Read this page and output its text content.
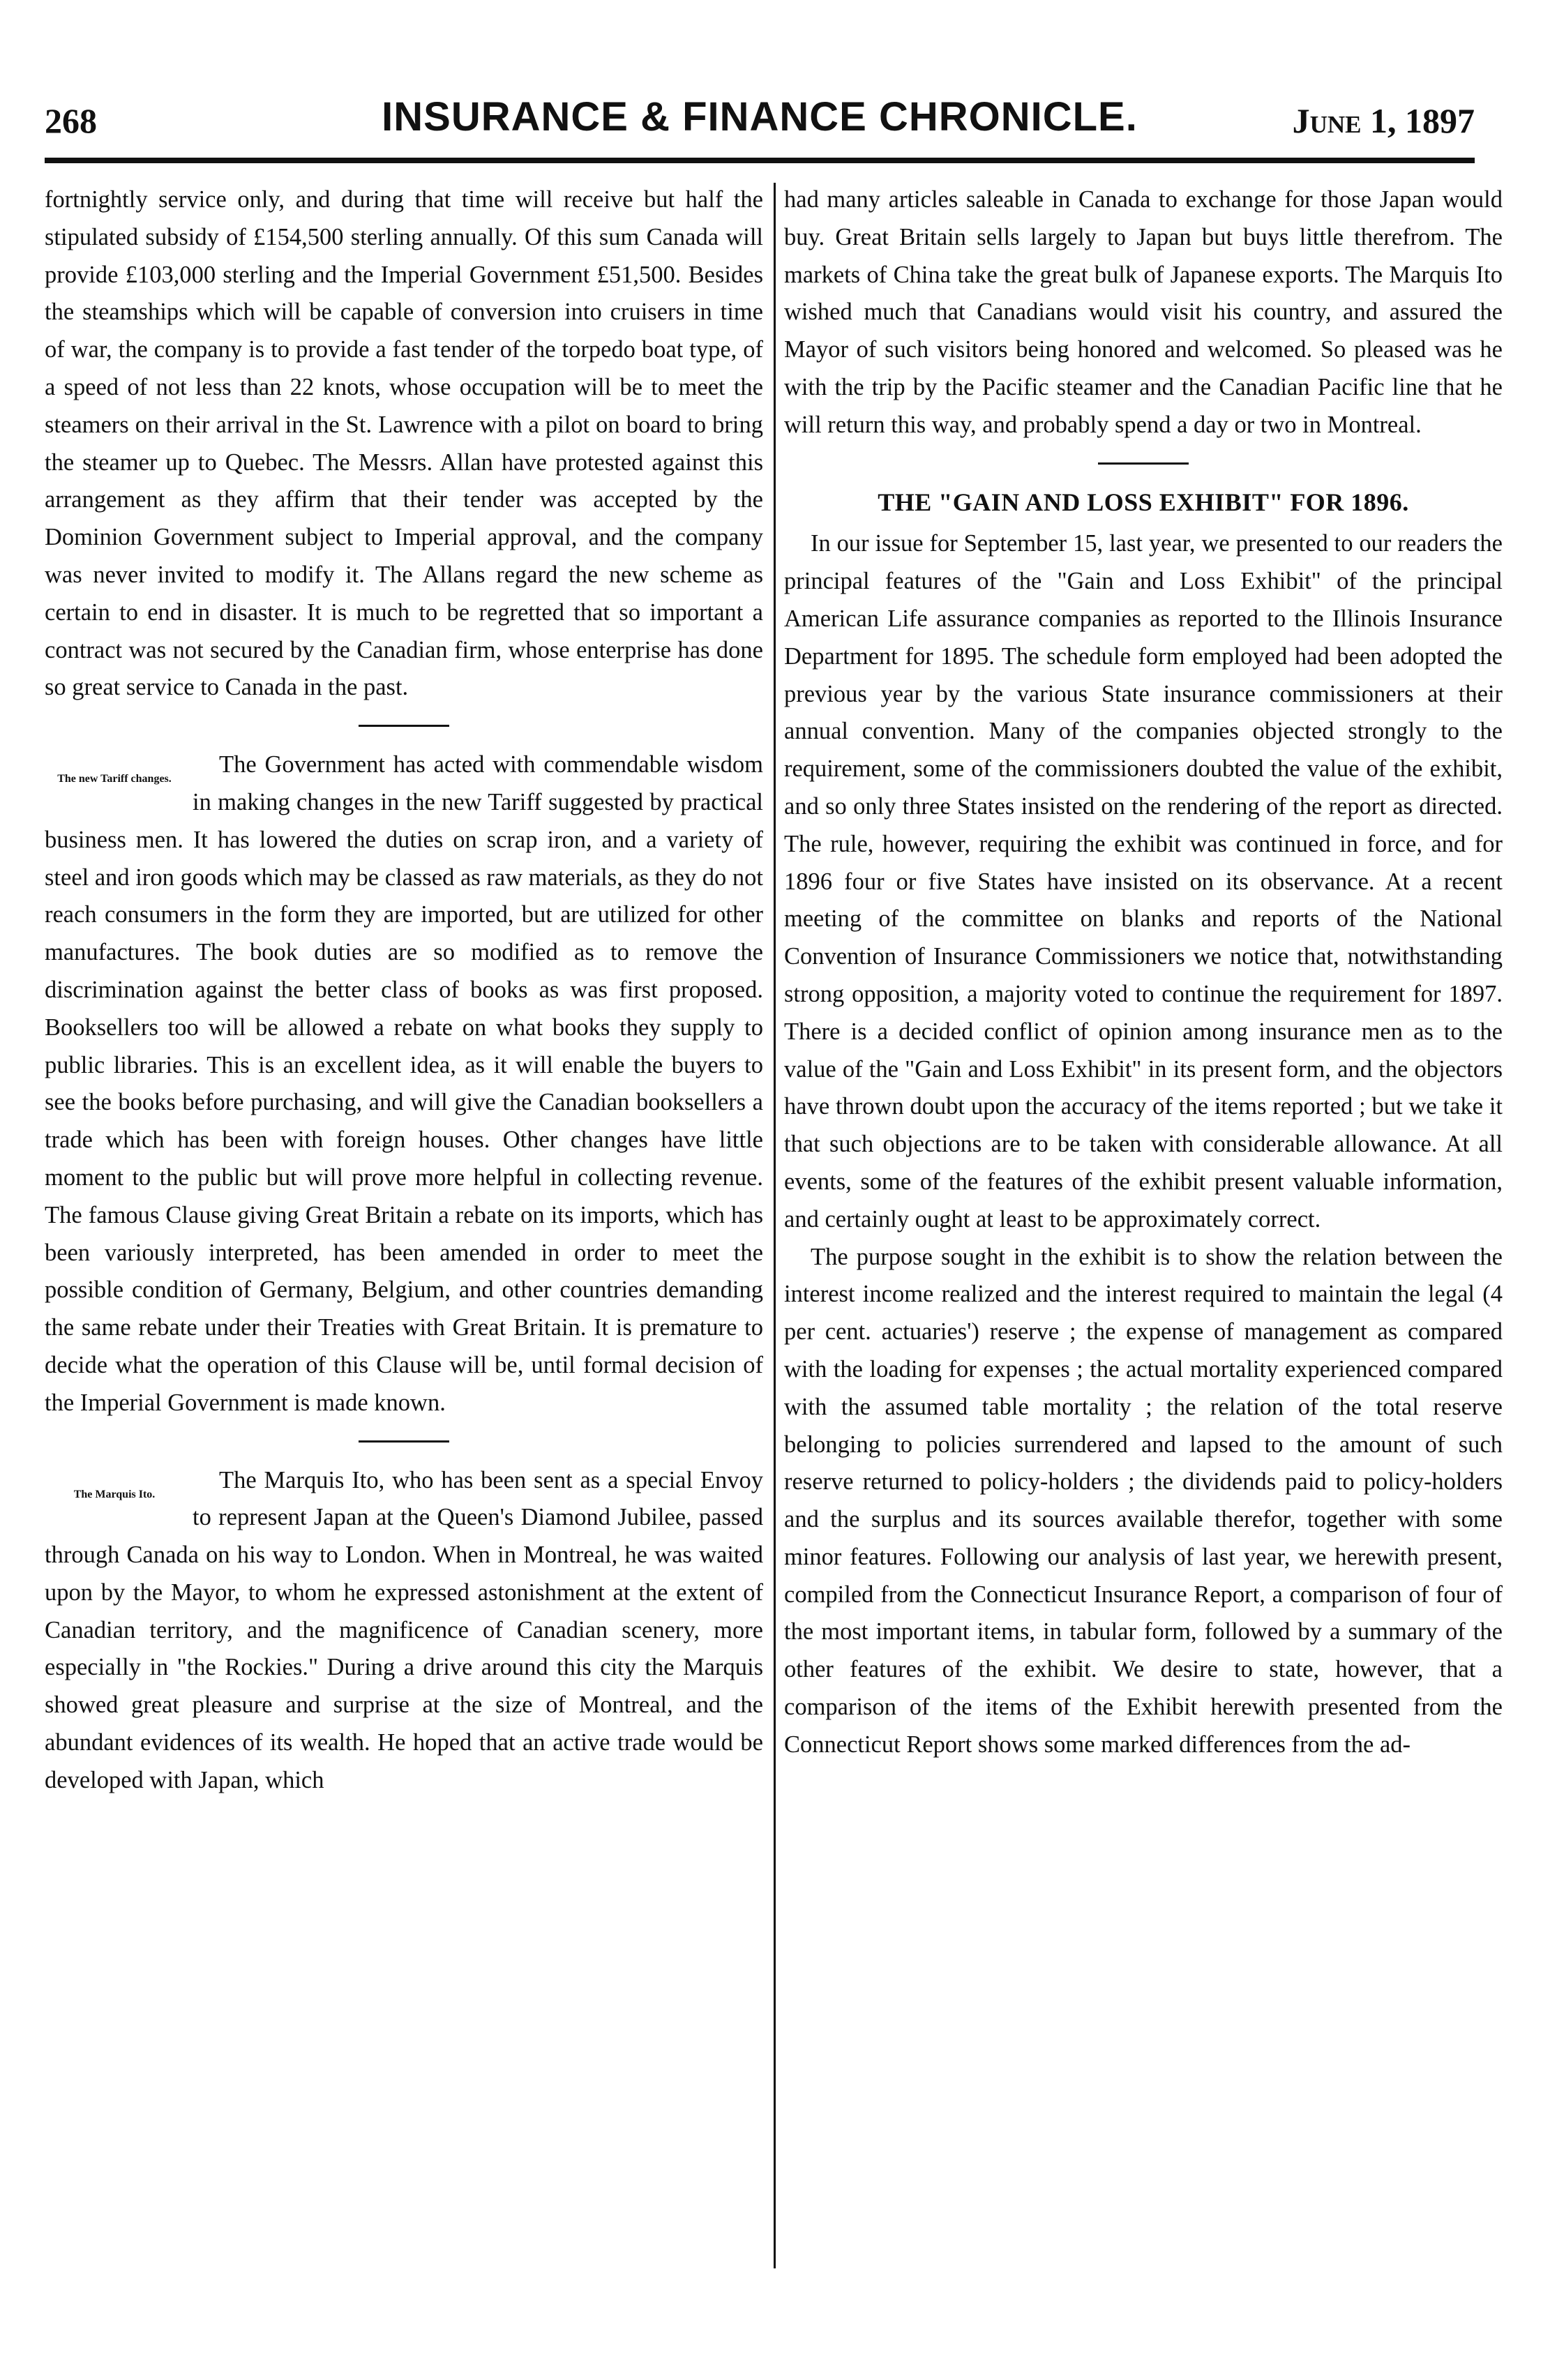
268	INSURANCE & FINANCE CHRONICLE.	June 1, 1897

fortnightly service only, and during that time will receive but half the stipulated subsidy of £154,500 sterling annually. Of this sum Canada will provide £103,000 sterling and the Imperial Government £51,500. Besides the steamships which will be capable of conversion into cruisers in time of war, the company is to provide a fast tender of the torpedo boat type, of a speed of not less than 22 knots, whose occupation will be to meet the steamers on their arrival in the St. Lawrence with a pilot on board to bring the steamer up to Quebec. The Messrs. Allan have protested against this arrangement as they affirm that their tender was accepted by the Dominion Government subject to Imperial approval, and the company was never invited to modify it. The Allans regard the new scheme as certain to end in disaster. It is much to be regretted that so important a contract was not secured by the Canadian firm, whose enterprise has done so great service to Canada in the past.

The new Tariff changes.

The Government has acted with commendable wisdom in making changes in the new Tariff suggested by practical business men. It has lowered the duties on scrap iron, and a variety of steel and iron goods which may be classed as raw materials, as they do not reach consumers in the form they are imported, but are utilized for other manufactures. The book duties are so modified as to remove the discrimination against the better class of books as was first proposed. Booksellers too will be allowed a rebate on what books they supply to public libraries. This is an excellent idea, as it will enable the buyers to see the books before purchasing, and will give the Canadian booksellers a trade which has been with foreign houses. Other changes have little moment to the public but will prove more helpful in collecting revenue. The famous Clause giving Great Britain a rebate on its imports, which has been variously interpreted, has been amended in order to meet the possible condition of Germany, Belgium, and other countries demanding the same rebate under their Treaties with Great Britain. It is premature to decide what the operation of this Clause will be, until formal decision of the Imperial Government is made known.

The Marquis Ito.

The Marquis Ito, who has been sent as a special Envoy to represent Japan at the Queen's Diamond Jubilee, passed through Canada on his way to London. When in Montreal, he was waited upon by the Mayor, to whom he expressed astonishment at the extent of Canadian territory, and the magnificence of Canadian scenery, more especially in "the Rockies." During a drive around this city the Marquis showed great pleasure and surprise at the size of Montreal, and the abundant evidences of its wealth. He hoped that an active trade would be developed with Japan, which

had many articles saleable in Canada to exchange for those Japan would buy. Great Britain sells largely to Japan but buys little therefrom. The markets of China take the great bulk of Japanese exports. The Marquis Ito wished much that Canadians would visit his country, and assured the Mayor of such visitors being honored and welcomed. So pleased was he with the trip by the Pacific steamer and the Canadian Pacific line that he will return this way, and probably spend a day or two in Montreal.

THE "GAIN AND LOSS EXHIBIT" FOR 1896.

In our issue for September 15, last year, we presented to our readers the principal features of the "Gain and Loss Exhibit" of the principal American Life assurance companies as reported to the Illinois Insurance Department for 1895. The schedule form employed had been adopted the previous year by the various State insurance commissioners at their annual convention. Many of the companies objected strongly to the requirement, some of the commissioners doubted the value of the exhibit, and so only three States insisted on the rendering of the report as directed. The rule, however, requiring the exhibit was continued in force, and for 1896 four or five States have insisted on its observance. At a recent meeting of the committee on blanks and reports of the National Convention of Insurance Commissioners we notice that, notwithstanding strong opposition, a majority voted to continue the requirement for 1897. There is a decided conflict of opinion among insurance men as to the value of the "Gain and Loss Exhibit" in its present form, and the objectors have thrown doubt upon the accuracy of the items reported ; but we take it that such objections are to be taken with considerable allowance. At all events, some of the features of the exhibit present valuable information, and certainly ought at least to be approximately correct.

The purpose sought in the exhibit is to show the relation between the interest income realized and the interest required to maintain the legal (4 per cent. actuaries') reserve ; the expense of management as compared with the loading for expenses ; the actual mortality experienced compared with the assumed table mortality ; the relation of the total reserve belonging to policies surrendered and lapsed to the amount of such reserve returned to policy-holders ; the dividends paid to policy-holders and the surplus and its sources available therefor, together with some minor features. Following our analysis of last year, we herewith present, compiled from the Connecticut Insurance Report, a comparison of four of the most important items, in tabular form, followed by a summary of the other features of the exhibit. We desire to state, however, that a comparison of the items of the Exhibit herewith presented from the Connecticut Report shows some marked differences from the ad-
